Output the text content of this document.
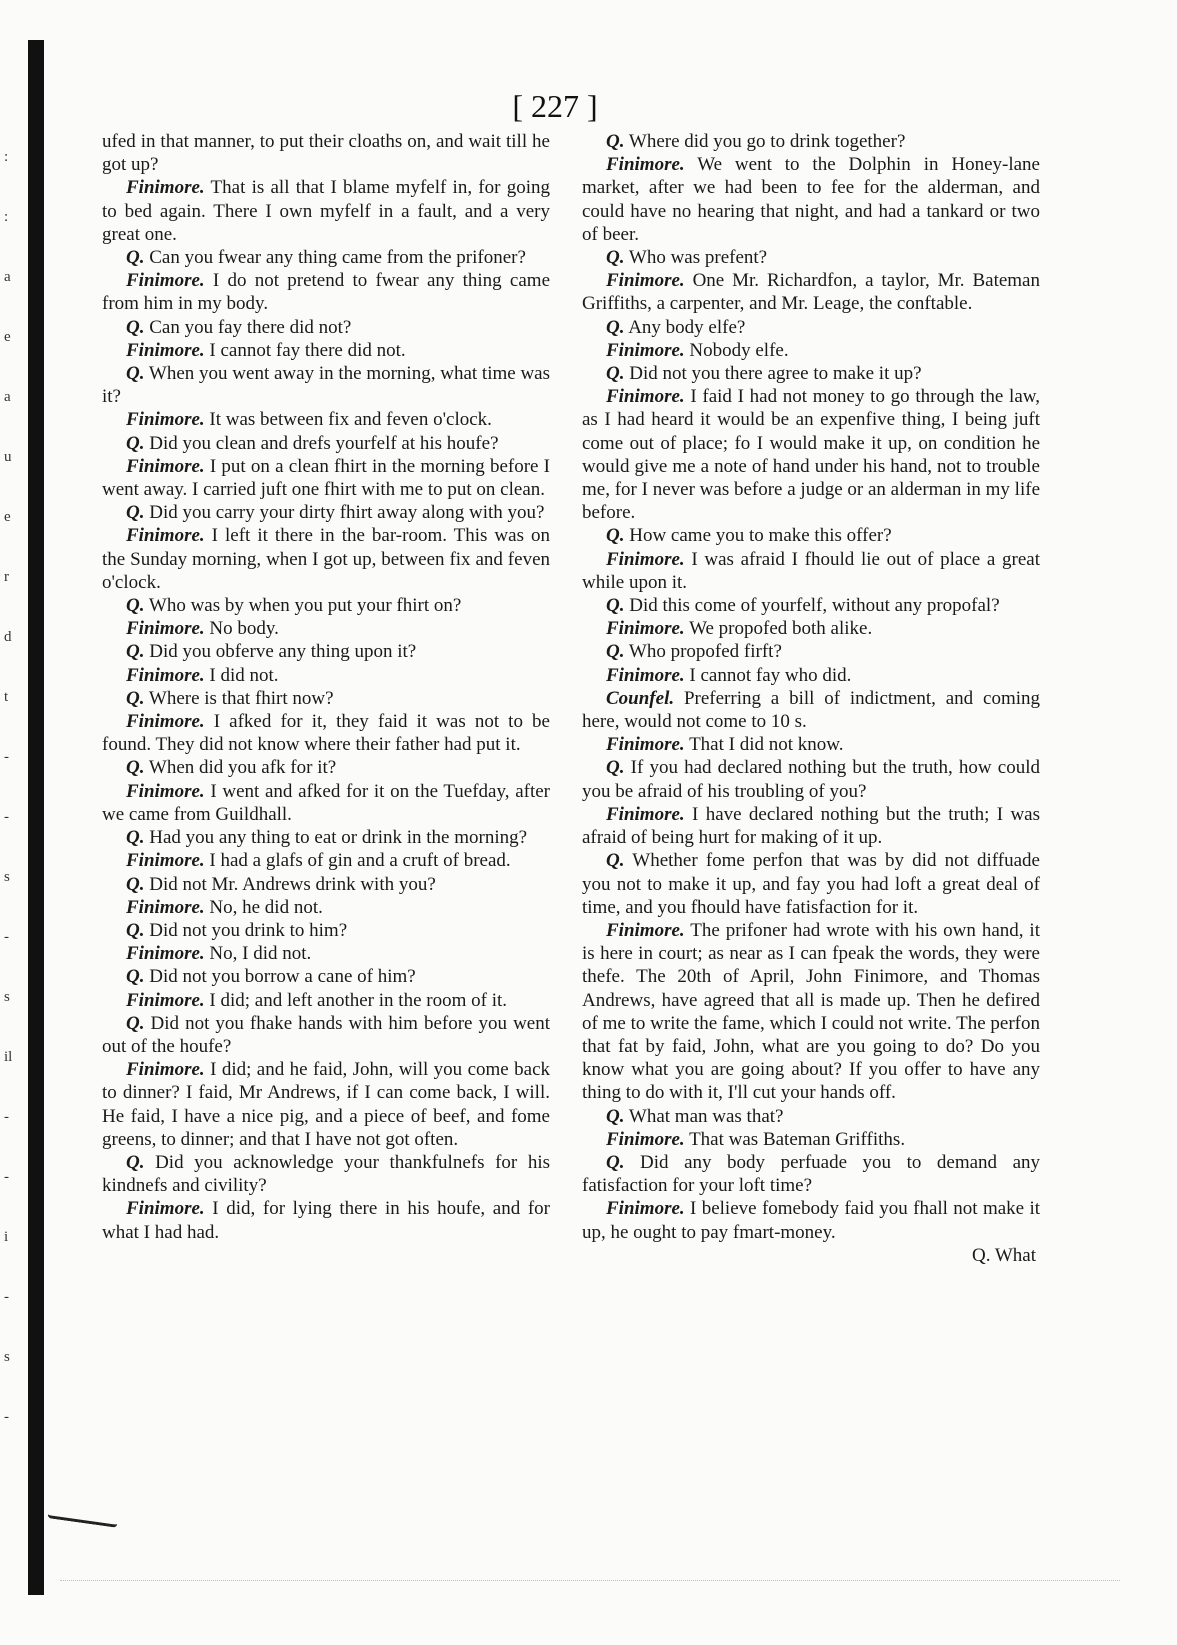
:
:
a
e
a
u
e
r
d
t
-
-
s
-
s
il
-
-
i
-
s
-
[ 227 ]

ufed in that manner, to put their cloaths on, and wait till he got up?

Finimore. That is all that I blame myfelf in, for going to bed again. There I own myfelf in a fault, and a very great one.

Q. Can you fwear any thing came from the prifoner?

Finimore. I do not pretend to fwear any thing came from him in my body.

Q. Can you fay there did not?

Finimore. I cannot fay there did not.

Q. When you went away in the morning, what time was it?

Finimore. It was between fix and feven o'clock.

Q. Did you clean and drefs yourfelf at his houfe?

Finimore. I put on a clean fhirt in the morning before I went away. I carried juft one fhirt with me to put on clean.

Q. Did you carry your dirty fhirt away along with you?

Finimore. I left it there in the bar-room. This was on the Sunday morning, when I got up, between fix and feven o'clock.

Q. Who was by when you put your fhirt on?

Finimore. No body.

Q. Did you obferve any thing upon it?

Finimore. I did not.

Q. Where is that fhirt now?

Finimore. I afked for it, they faid it was not to be found. They did not know where their father had put it.

Q. When did you afk for it?

Finimore. I went and afked for it on the Tuefday, after we came from Guildhall.

Q. Had you any thing to eat or drink in the morning?

Finimore. I had a glafs of gin and a cruft of bread.

Q. Did not Mr. Andrews drink with you?

Finimore. No, he did not.

Q. Did not you drink to him?

Finimore. No, I did not.

Q. Did not you borrow a cane of him?

Finimore. I did; and left another in the room of it.

Q. Did not you fhake hands with him before you went out of the houfe?

Finimore. I did; and he faid, John, will you come back to dinner? I faid, Mr Andrews, if I can come back, I will. He faid, I have a nice pig, and a piece of beef, and fome greens, to dinner; and that I have not got often.

Q. Did you acknowledge your thankfulnefs for his kindnefs and civility?

Finimore. I did, for lying there in his houfe, and for what I had had.

Q. Where did you go to drink together?

Finimore. We went to the Dolphin in Honey-lane market, after we had been to fee for the alderman, and could have no hearing that night, and had a tankard or two of beer.

Q. Who was prefent?

Finimore. One Mr. Richardfon, a taylor, Mr. Bateman Griffiths, a carpenter, and Mr. Leage, the conftable.

Q. Any body elfe?

Finimore. Nobody elfe.

Q. Did not you there agree to make it up?

Finimore. I faid I had not money to go through the law, as I had heard it would be an expenfive thing, I being juft come out of place; fo I would make it up, on condition he would give me a note of hand under his hand, not to trouble me, for I never was before a judge or an alderman in my life before.

Q. How came you to make this offer?

Finimore. I was afraid I fhould lie out of place a great while upon it.

Q. Did this come of yourfelf, without any propofal?

Finimore. We propofed both alike.

Q. Who propofed firft?

Finimore. I cannot fay who did.

Counfel. Preferring a bill of indictment, and coming here, would not come to 10 s.

Finimore. That I did not know.

Q. If you had declared nothing but the truth, how could you be afraid of his troubling of you?

Finimore. I have declared nothing but the truth; I was afraid of being hurt for making of it up.

Q. Whether fome perfon that was by did not diffuade you not to make it up, and fay you had loft a great deal of time, and you fhould have fatisfaction for it.

Finimore. The prifoner had wrote with his own hand, it is here in court; as near as I can fpeak the words, they were thefe. The 20th of April, John Finimore, and Thomas Andrews, have agreed that all is made up. Then he defired of me to write the fame, which I could not write. The perfon that fat by faid, John, what are you going to do? Do you know what you are going about? If you offer to have any thing to do with it, I'll cut your hands off.

Q. What man was that?

Finimore. That was Bateman Griffiths.

Q. Did any body perfuade you to demand any fatisfaction for your loft time?

Finimore. I believe fomebody faid you fhall not make it up, he ought to pay fmart-money.

Q. What
